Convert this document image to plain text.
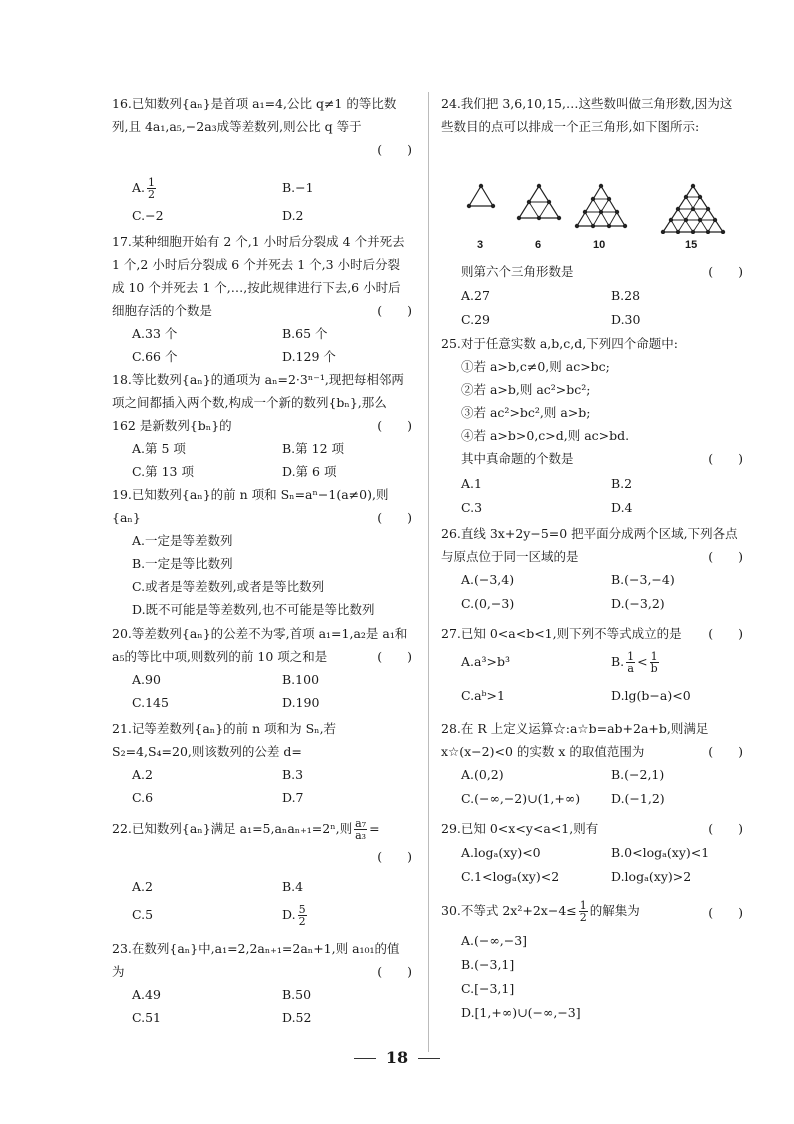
16.已知数列{aₙ}是首项 a₁=4,公比 q≠1 的等比数列,且 4a₁,a₅,−2a₃成等差数列,则公比 q 等于
(　　)
A. $\frac{1}{2}$	B.−1
C.−2	D.2
17.某种细胞开始有 2 个,1 小时后分裂成 4 个并死去 1 个,2 小时后分裂成 6 个并死去 1 个,3 小时后分裂成 10 个并死去 1 个,…,按此规律进行下去,6 小时后细胞存活的个数是	(　　)
A.33 个	B.65 个
C.66 个	D.129 个
18.等比数列{aₙ}的通项为 aₙ=2·3ⁿ⁻¹,现把每相邻两项之间都插入两个数,构成一个新的数列{bₙ},那么 162 是新数列{bₙ}的	(　　)
A.第 5 项	B.第 12 项
C.第 13 项	D.第 6 项
19.已知数列{aₙ}的前 n 项和 Sₙ=aⁿ−1(a≠0),则{aₙ}	(　　)
A.一定是等差数列
B.一定是等比数列
C.或者是等差数列,或者是等比数列
D.既不可能是等差数列,也不可能是等比数列
20.等差数列{aₙ}的公差不为零,首项 a₁=1,a₂是 a₁和 a₅的等比中项,则数列的前 10 项之和是	(　　)
A.90	B.100
C.145	D.190
21.记等差数列{aₙ}的前 n 项和为 Sₙ,若 S₂=4,S₄=20,则该数列的公差 d=
A.2	B.3
C.6	D.7
22.已知数列{aₙ}满足 a₁=5,aₙaₙ₊₁=2ⁿ,则 $\frac{\text{a₇}}{\text{a₃}}$ =
(　　)
A.2	B.4
C.5	D. $\frac{5}{2}$
23.在数列{aₙ}中,a₁=2,2aₙ₊₁=2aₙ+1,则 a₁₀₁的值为	(　　)
A.49	B.50
C.51	D.52
24.我们把 3,6,10,15,…这些数叫做三角形数,因为这些数目的点可以排成一个正三角形,如下图所示:
3	6	10	15
则第六个三角形数是	(　　)
A.27	B.28
C.29	D.30
25.对于任意实数 a,b,c,d,下列四个命题中:
①若 a>b,c≠0,则 ac>bc;
②若 a>b,则 ac²>bc²;
③若 ac²>bc²,则 a>b;
④若 a>b>0,c>d,则 ac>bd.
其中真命题的个数是	(　　)
A.1	B.2
C.3	D.4
26.直线 3x+2y−5=0 把平面分成两个区域,下列各点与原点位于同一区域的是	(　　)
A.(−3,4)	B.(−3,−4)
C.(0,−3)	D.(−3,2)
27.已知 0<a<b<1,则下列不等式成立的是	(　　)
A.a³>b³	B. $\frac{1}{a} < \frac{1}{b}$
C.aᵇ>1	D.lg(b−a)<0
28.在 R 上定义运算☆:a☆b=ab+2a+b,则满足 x☆(x−2)<0 的实数 x 的取值范围为	(　　)
A.(0,2)	B.(−2,1)
C.(−∞,−2)∪(1,+∞)	D.(−1,2)
29.已知 0<x<y<a<1,则有	(　　)
A.logₐ(xy)<0	B.0<logₐ(xy)<1
C.1<logₐ(xy)<2	D.logₐ(xy)>2
30.不等式 $2x^2+2x-4\le \frac{1}{2}$ 的解集为	(　　)
A.(−∞,−3]
B.(−3,1]
C.[−3,1]
D.[1,+∞)∪(−∞,−3]
18
